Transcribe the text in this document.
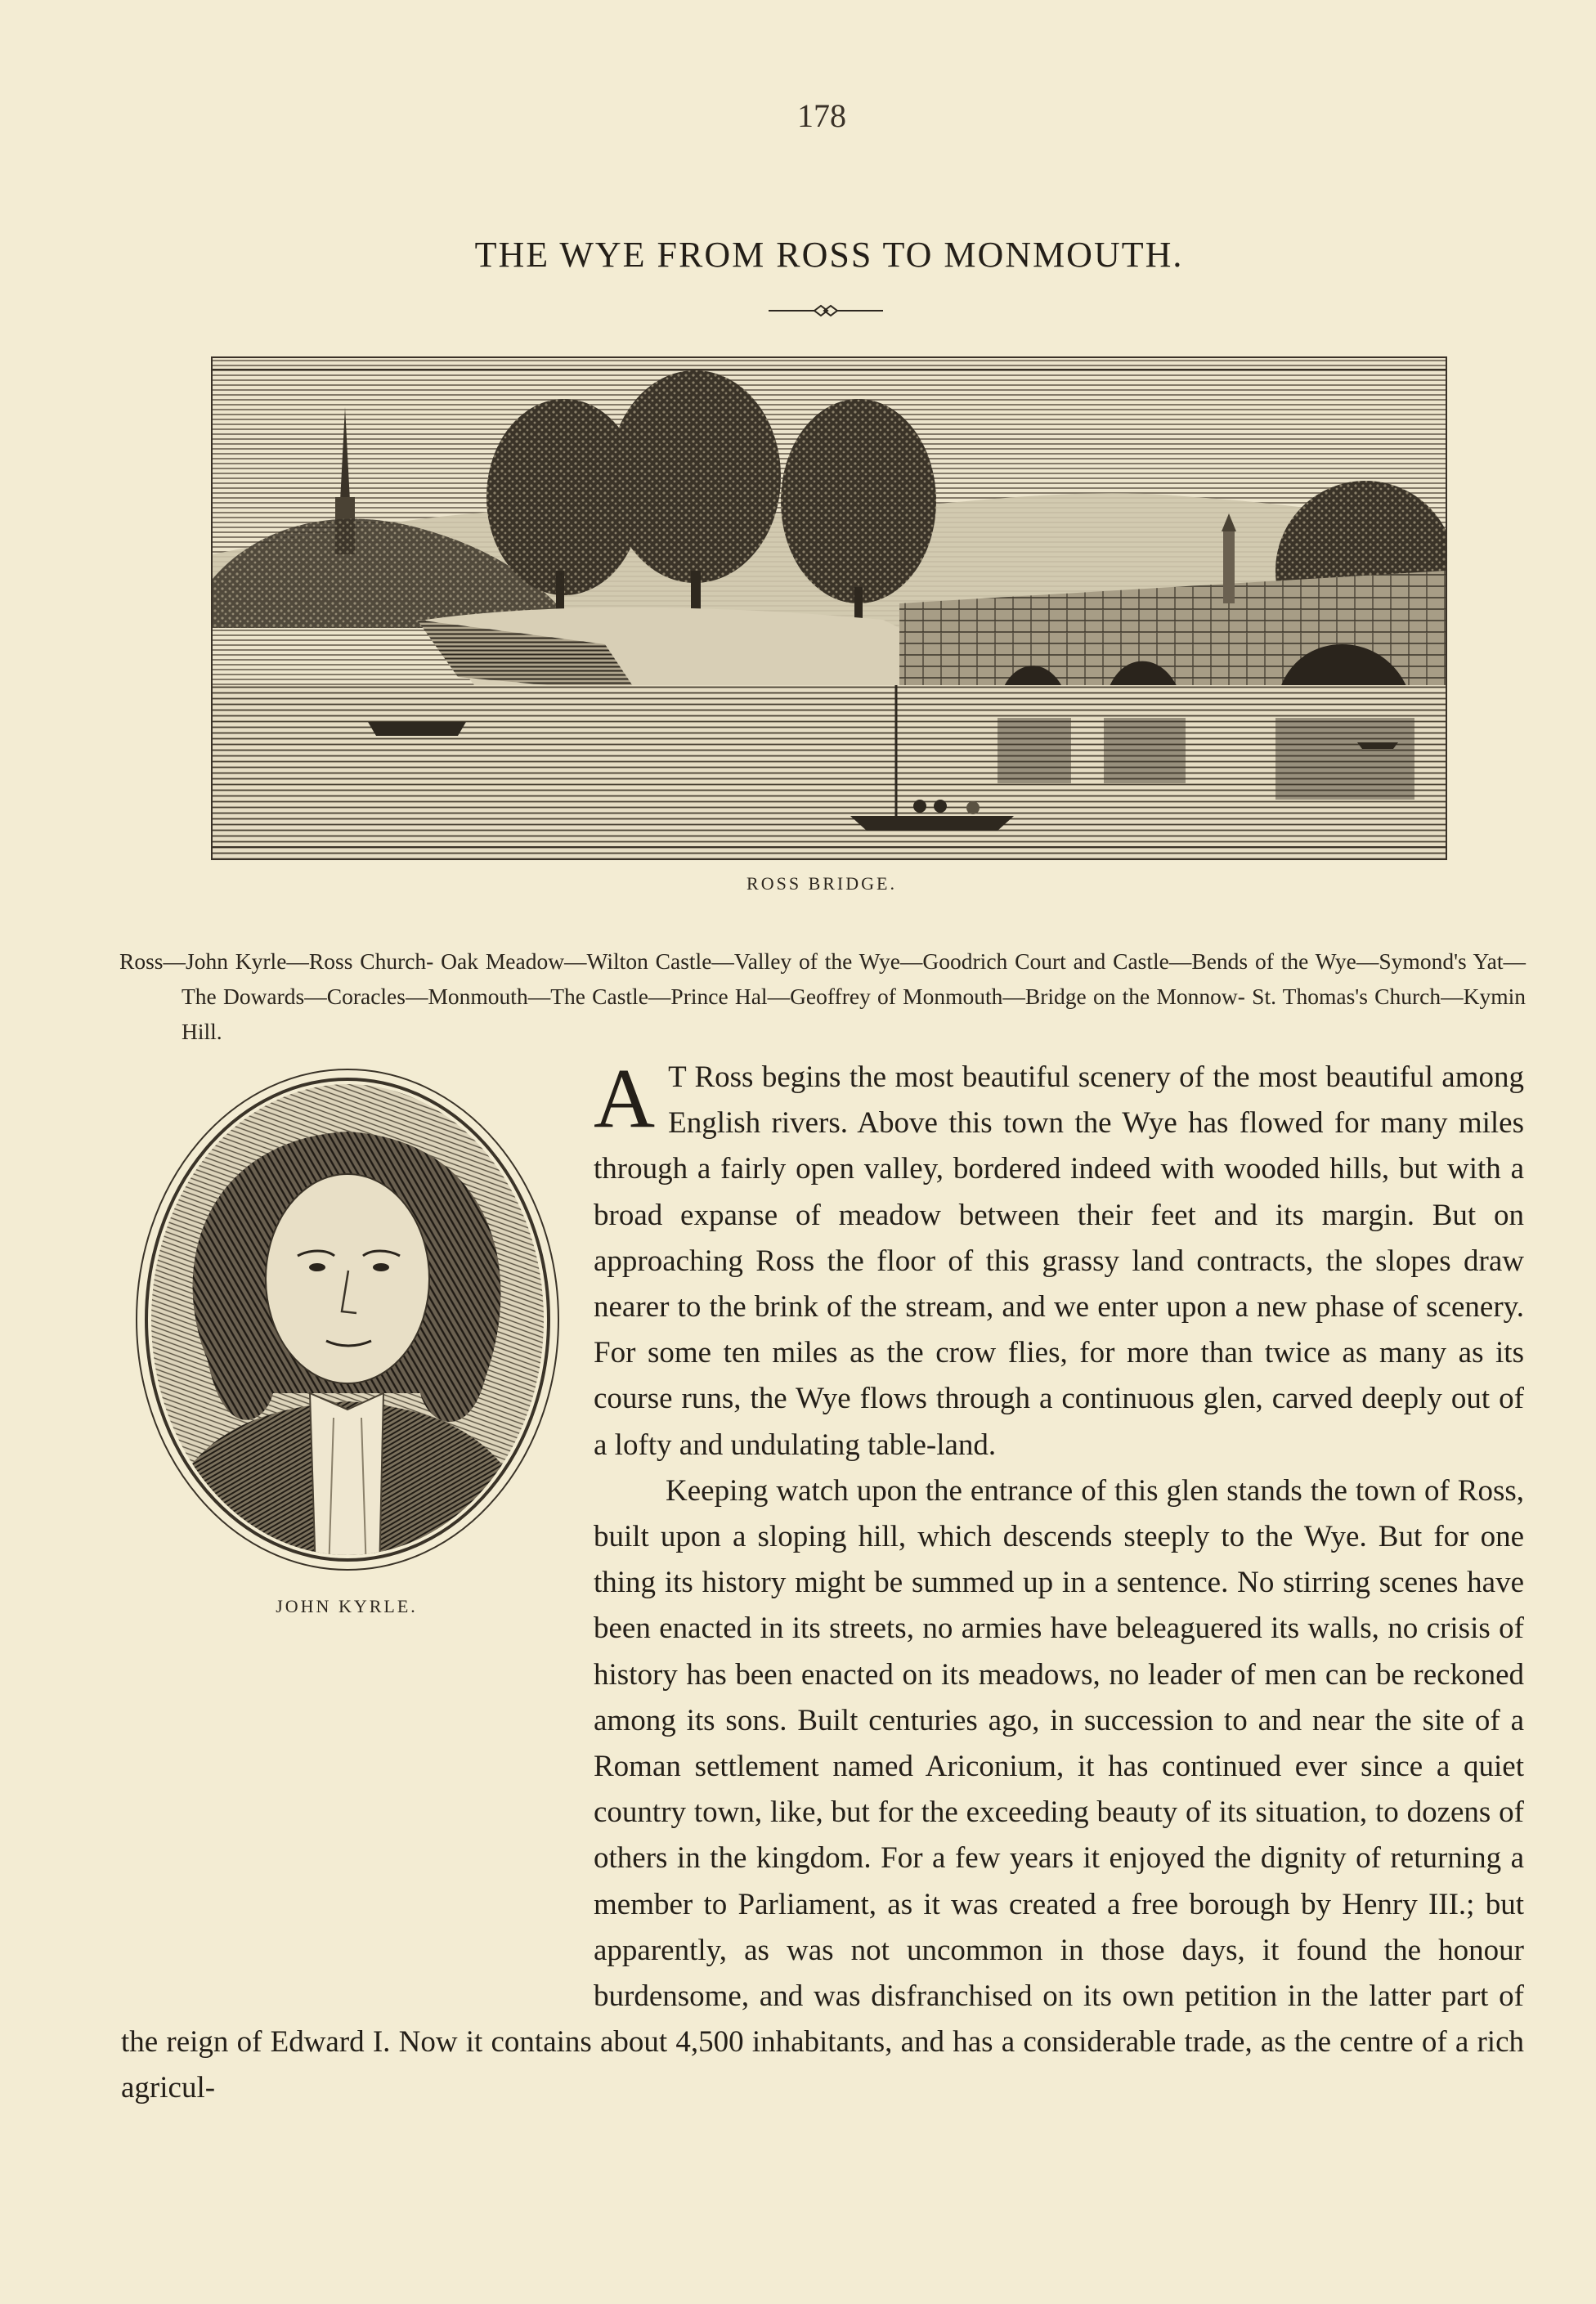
178
THE WYE FROM ROSS TO MONMOUTH.
ROSS BRIDGE.
Ross—John Kyrle—Ross Church- Oak Meadow—Wilton Castle—Valley of the Wye—Goodrich Court and Castle—Bends of the Wye—Symond's Yat—The Dowards—Coracles—Monmouth—The Castle—Prince Hal—Geoffrey of Monmouth—Bridge on the Monnow- St. Thomas's Church—Kymin Hill.
JOHN KYRLE.

A T Ross begins the most beautiful scenery of the most beautiful among English rivers. Above this town the Wye has flowed for many miles through a fairly open valley, bordered indeed with wooded hills, but with a broad expanse of meadow between their feet and its margin. But on approaching Ross the floor of this grassy land contracts, the slopes draw nearer to the brink of the stream, and we enter upon a new phase of scenery. For some ten miles as the crow flies, for more than twice as many as its course runs, the Wye flows through a continuous glen, carved deeply out of a lofty and undulating table-land.

Keeping watch upon the entrance of this glen stands the town of Ross, built upon a sloping hill, which descends steeply to the Wye. But for one thing its history might be summed up in a sentence. No stirring scenes have been enacted in its streets, no armies have beleaguered its walls, no crisis of history has been enacted on its meadows, no leader of men can be reckoned among its sons. Built centuries ago, in succession to and near the site of a Roman settlement named Ariconium, it has continued ever since a quiet country town, like, but for the exceeding beauty of its situation, to dozens of others in the kingdom. For a few years it enjoyed the dignity of returning a member to Parliament, as it was created a free borough by Henry III.; but apparently, as was not uncommon in those days, it found the honour burdensome, and was disfranchised on its own petition in the latter part of the reign of Edward I. Now it contains about 4,500 inhabitants, and has a considerable trade, as the centre of a rich agricul-
